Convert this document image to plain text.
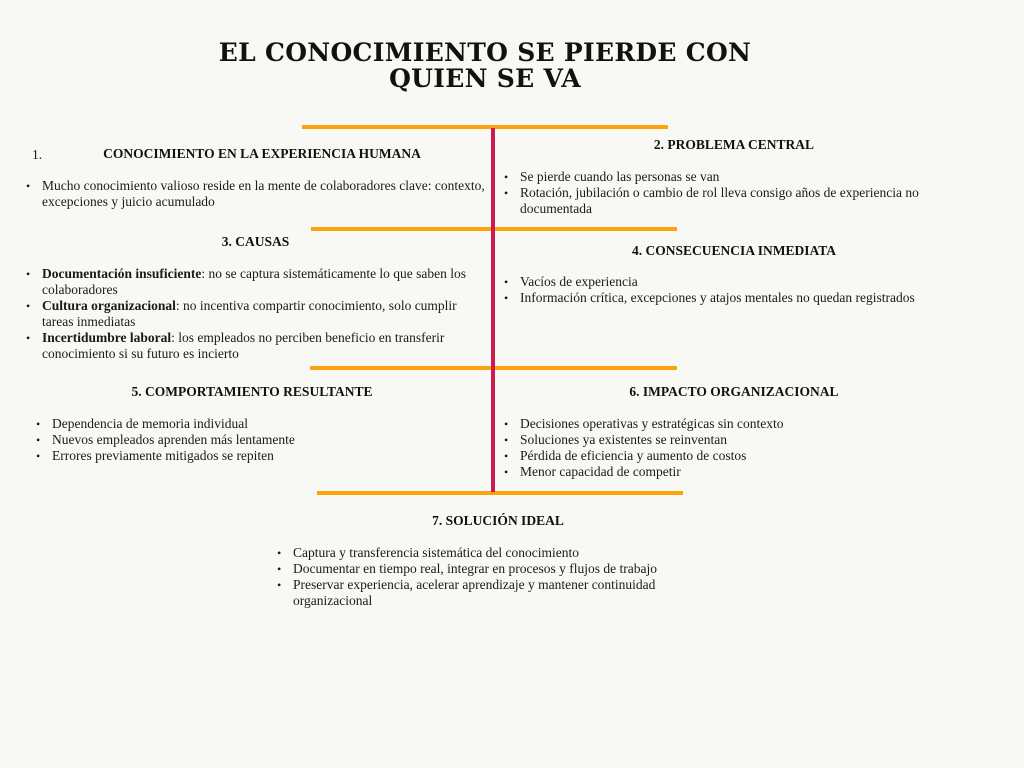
EL CONOCIMIENTO SE PIERDE CON
QUIEN SE VA
1.	CONOCIMIENTO EN LA EXPERIENCIA HUMANA
• Mucho conocimiento valioso reside en la mente de colaboradores clave: contexto, excepciones y juicio acumulado
2. PROBLEMA CENTRAL
• Se pierde cuando las personas se van
• Rotación, jubilación o cambio de rol lleva consigo años de experiencia no documentada
3. CAUSAS
• Documentación insuficiente: no se captura sistemáticamente lo que saben los colaboradores
• Cultura organizacional: no incentiva compartir conocimiento, solo cumplir tareas inmediatas
• Incertidumbre laboral: los empleados no perciben beneficio en transferir conocimiento si su futuro es incierto
4. CONSECUENCIA INMEDIATA
• Vacíos de experiencia
• Información crítica, excepciones y atajos mentales no quedan registrados
5. COMPORTAMIENTO RESULTANTE
• Dependencia de memoria individual
• Nuevos empleados aprenden más lentamente
• Errores previamente mitigados se repiten
6. IMPACTO ORGANIZACIONAL
• Decisiones operativas y estratégicas sin contexto
• Soluciones ya existentes se reinventan
• Pérdida de eficiencia y aumento de costos
• Menor capacidad de competir
7. SOLUCIÓN IDEAL
• Captura y transferencia sistemática del conocimiento
• Documentar en tiempo real, integrar en procesos y flujos de trabajo
• Preservar experiencia, acelerar aprendizaje y mantener continuidad organizacional
